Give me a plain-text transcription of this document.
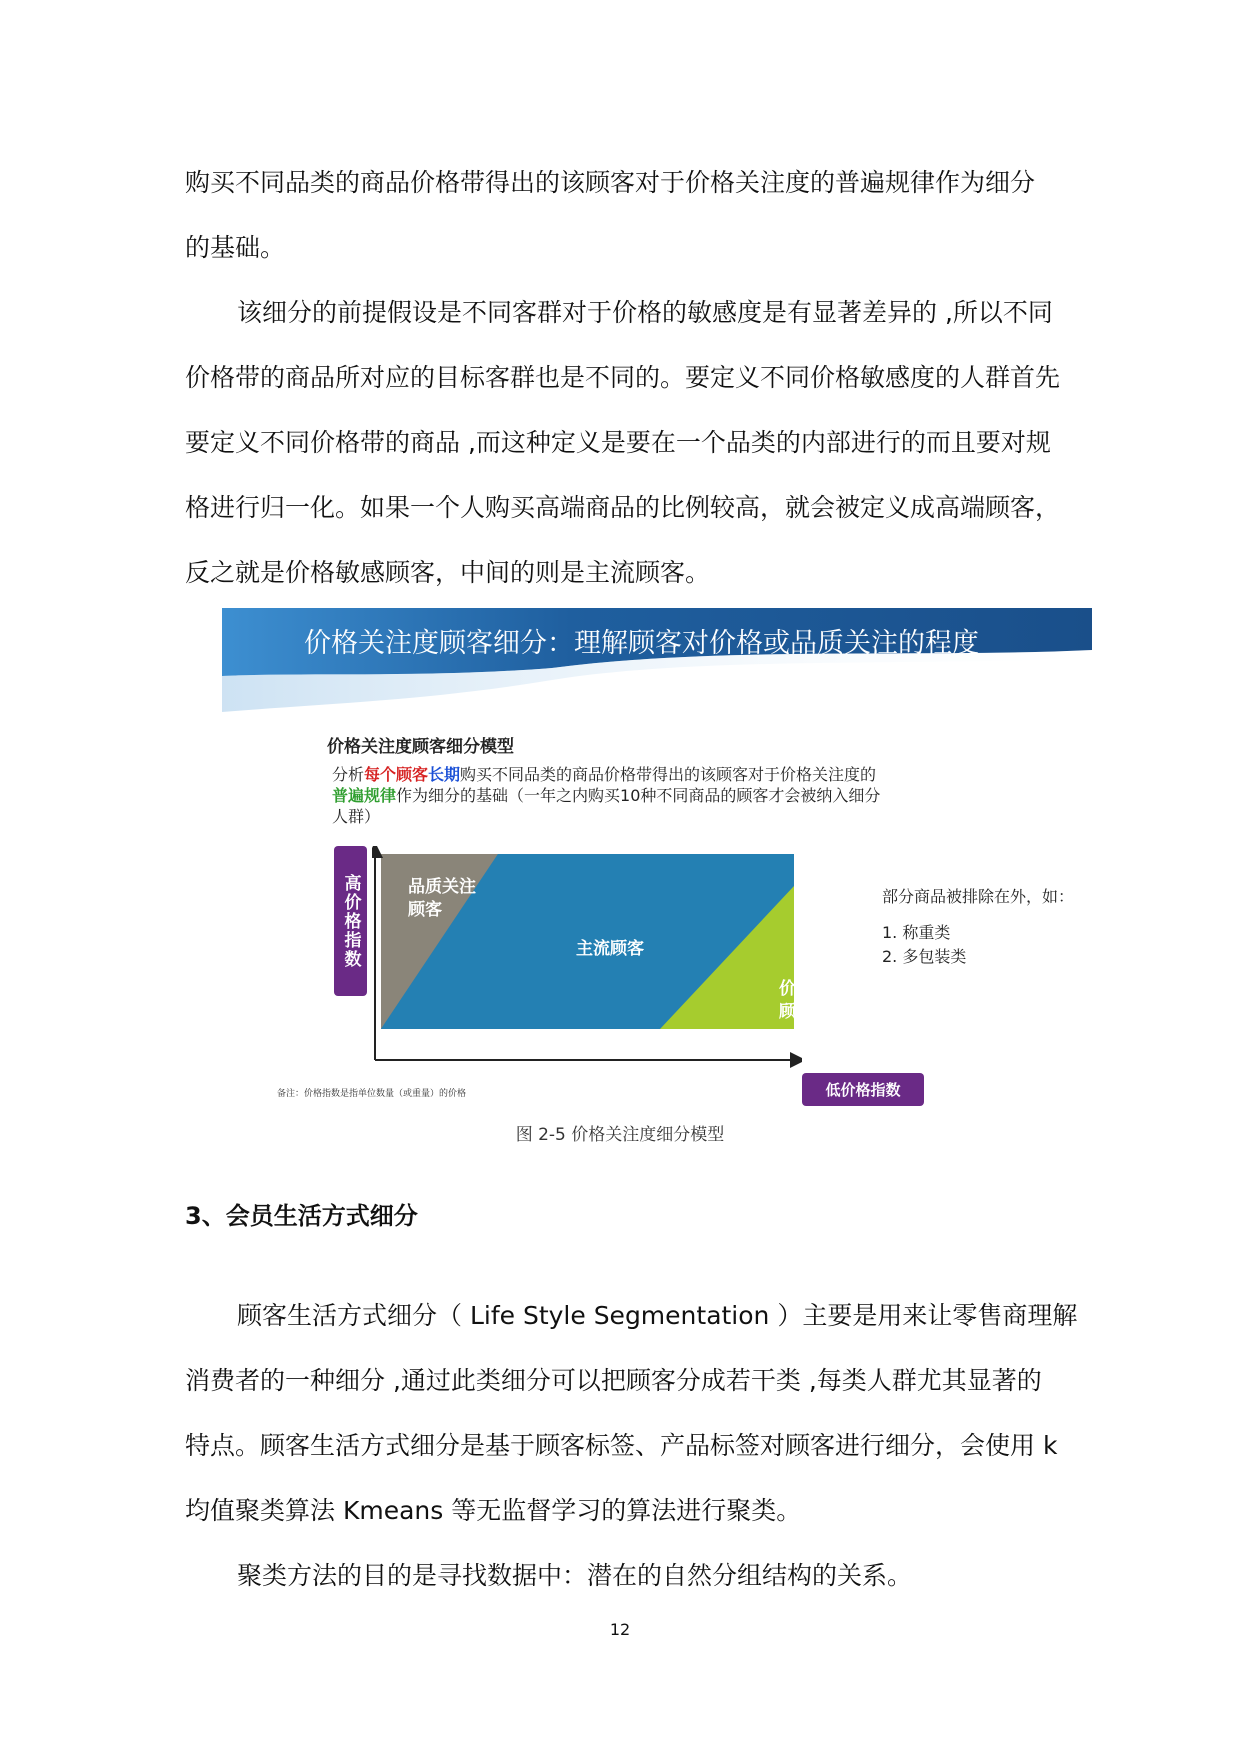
购买不同品类的商品价格带得出的该顾客对于价格关注度的普遍规律作为细分
的基础。
该细分的前提假设是不同客群对于价格的敏感度是有显著差异的 ,所以不同
价格带的商品所对应的目标客群也是不同的。要定义不同价格敏感度的人群首先
要定义不同价格带的商品 ,而这种定义是要在一个品类的内部进行的而且要对规
格进行归一化。如果一个人购买高端商品的比例较高，就会被定义成高端顾客，
反之就是价格敏感顾客，中间的则是主流顾客。
价格关注度顾客细分：理解顾客对价格或品质关注的程度
价格关注度顾客细分模型
分析每个顾客长期购买不同品类的商品价格带得出的该顾客对于价格关注度的普遍规律作为细分的基础（一年之内购买10种不同商品的顾客才会被纳入细分人群）
高价格指数	品质关注
顾客
主流顾客
价格关注
顾客
部分商品被排除在外，如：
1. 称重类
2. 多包装类
备注：价格指数是指单位数量（或重量）的价格	低价格指数
图 2-5 价格关注度细分模型
3、会员生活方式细分
顾客生活方式细分（ Life Style Segmentation ）主要是用来让零售商理解
消费者的一种细分 ,通过此类细分可以把顾客分成若干类 ,每类人群尤其显著的
特点。顾客生活方式细分是基于顾客标签、产品标签对顾客进行细分，会使用 k
均值聚类算法 Kmeans 等无监督学习的算法进行聚类。
聚类方法的目的是寻找数据中：潜在的自然分组结构的关系。
12
